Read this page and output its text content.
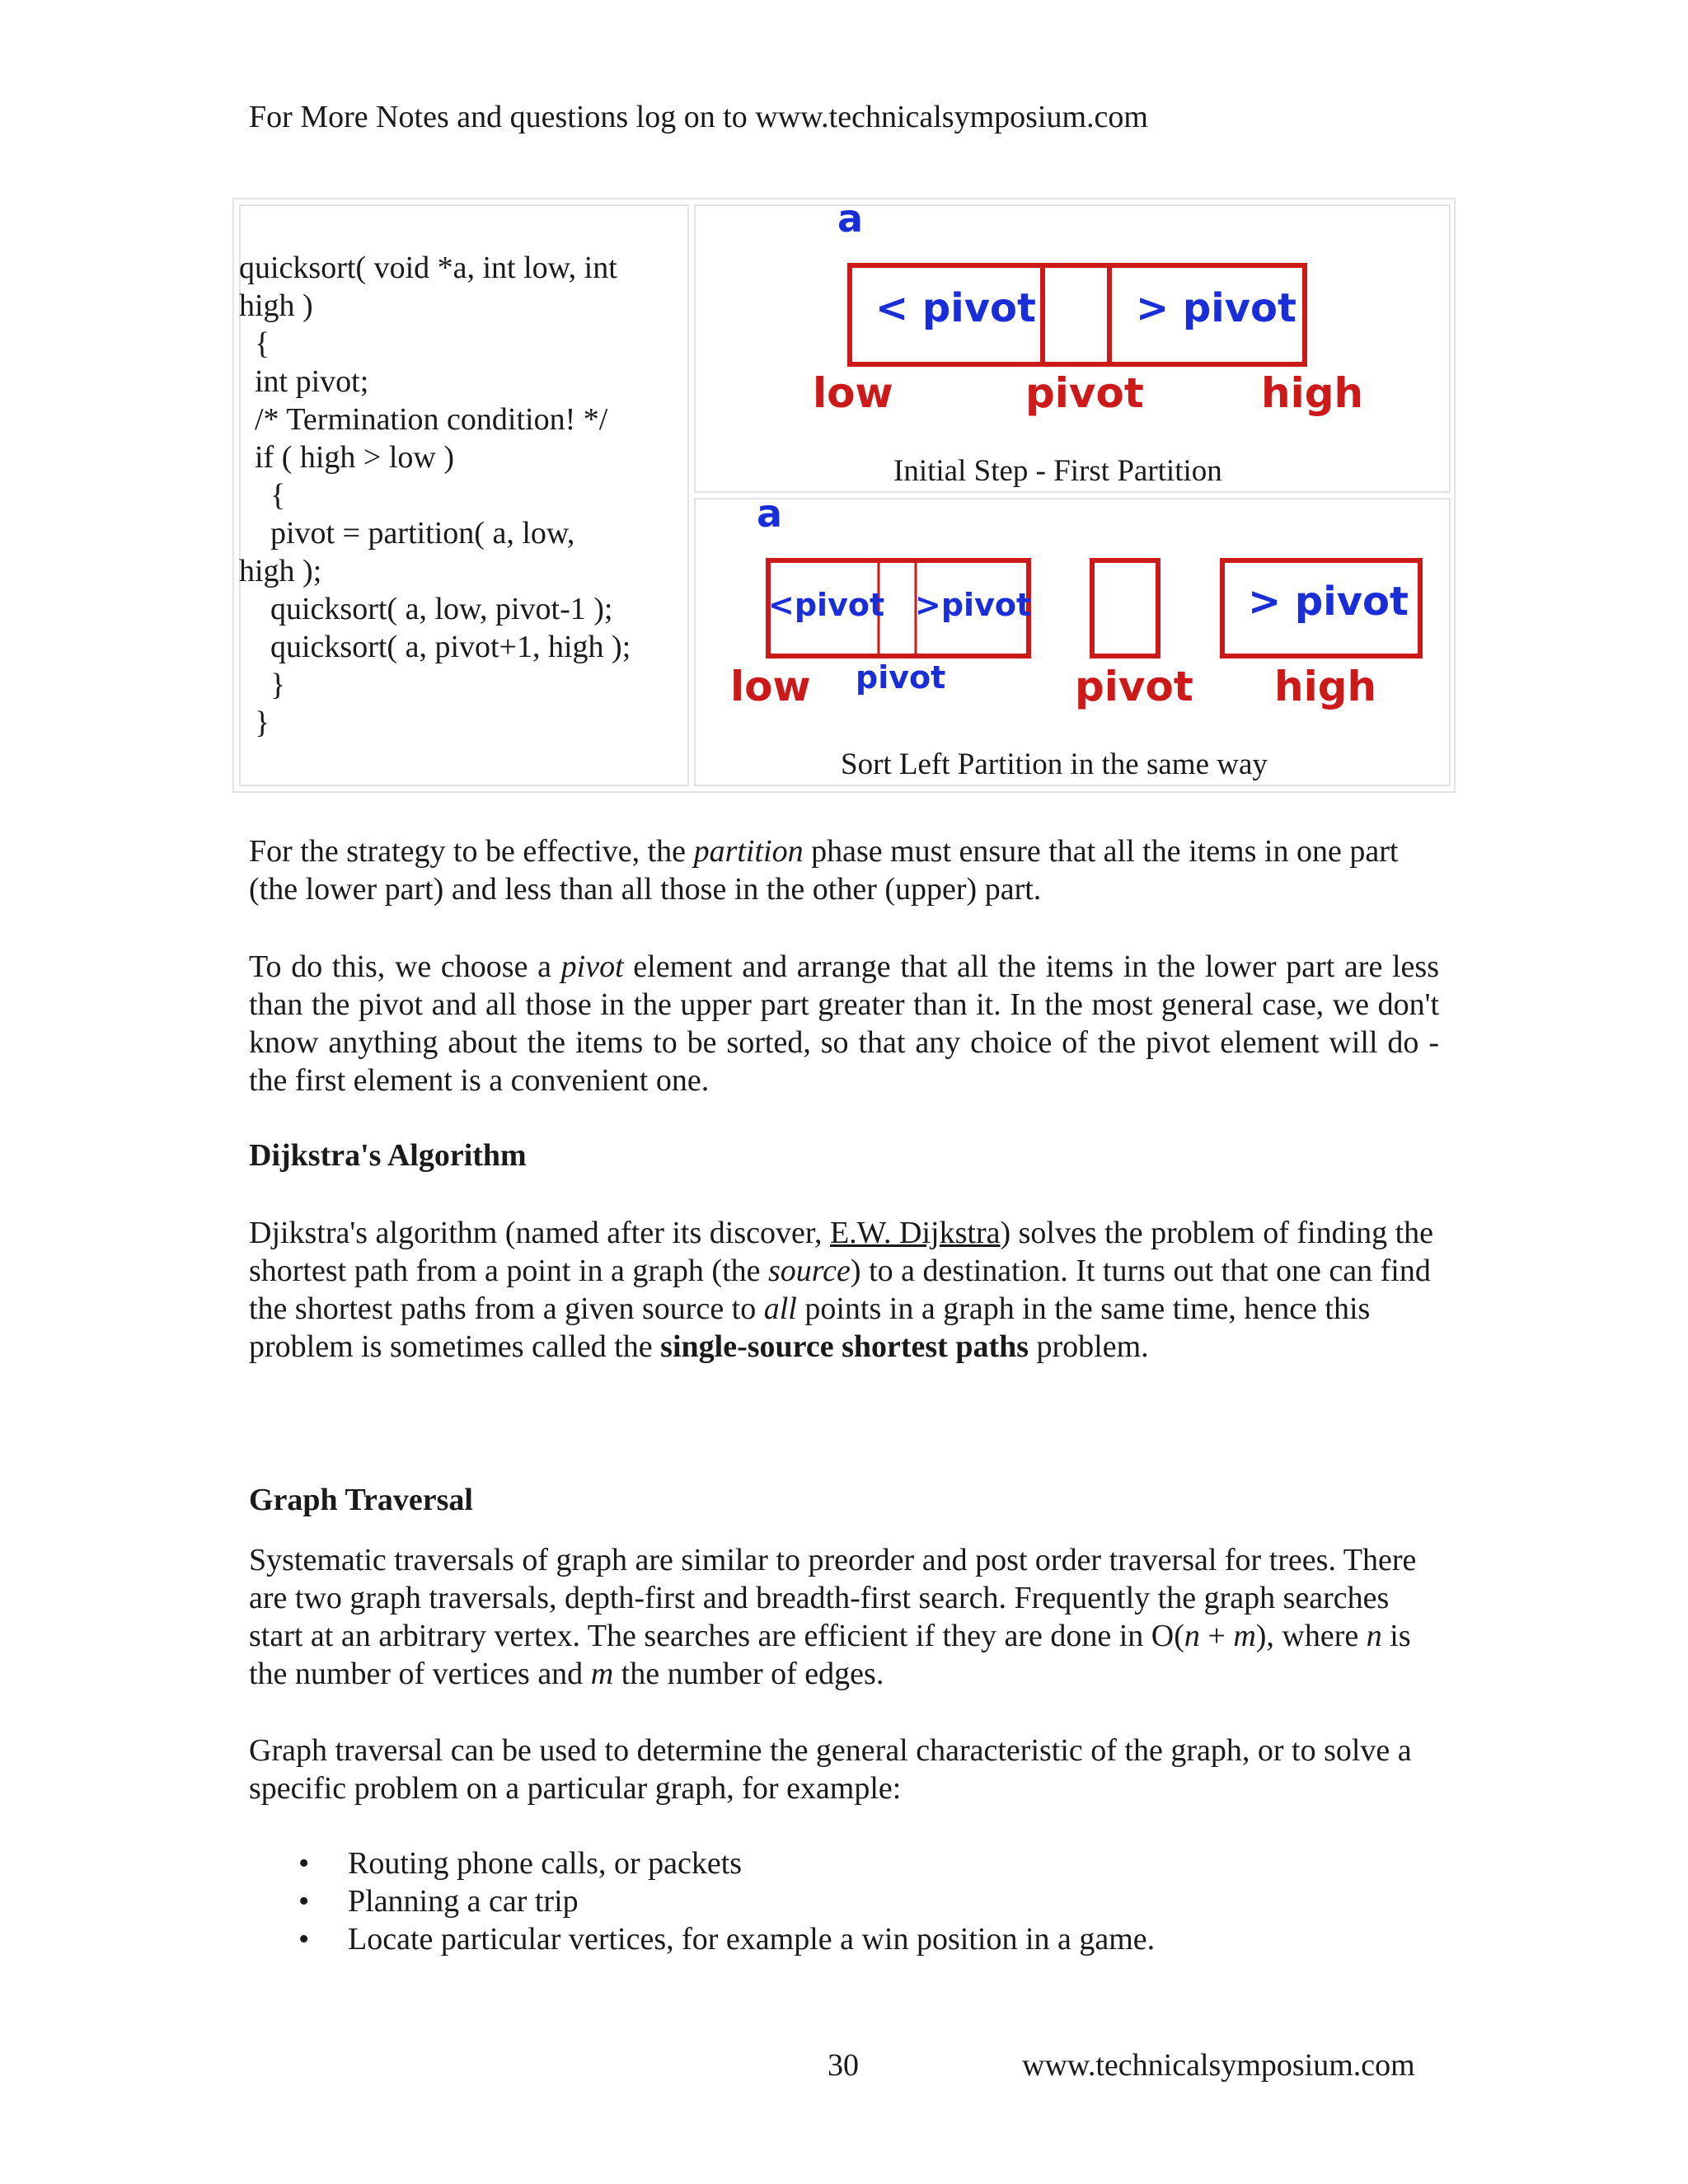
For More Notes and questions log on to www.technicalsymposium.com
quicksort( void *a, int low, int
high )
{
int pivot;
/* Termination condition! */
if ( high > low )
{
pivot = partition( a, low,
high );
quicksort( a, low, pivot-1 );
quicksort( a, pivot+1, high );
}
}
a
< pivot	> pivot
low	pivot	high
Initial Step - First Partition
a
<pivot >pivot	> pivot
low pivot	pivot high
Sort Left Partition in the same way
For the strategy to be effective, the partition phase must ensure that all the items in one part (the lower part) and less than all those in the other (upper) part.
To do this, we choose a pivot element and arrange that all the items in the lower part are less than the pivot and all those in the upper part greater than it. In the most general case, we don't know anything about the items to be sorted, so that any choice of the pivot element will do - the first element is a convenient one.
Dijkstra's Algorithm
Djikstra's algorithm (named after its discover, E.W. Dijkstra) solves the problem of finding the shortest path from a point in a graph (the source) to a destination. It turns out that one can find the shortest paths from a given source to all points in a graph in the same time, hence this problem is sometimes called the single-source shortest paths problem.
Graph Traversal
Systematic traversals of graph are similar to preorder and post order traversal for trees. There are two graph traversals, depth-first and breadth-first search. Frequently the graph searches start at an arbitrary vertex. The searches are efficient if they are done in O(n + m), where n is the number of vertices and m the number of edges.
Graph traversal can be used to determine the general characteristic of the graph, or to solve a specific problem on a particular graph, for example:
• Routing phone calls, or packets
• Planning a car trip
• Locate particular vertices, for example a win position in a game.
30	www.technicalsymposium.com
